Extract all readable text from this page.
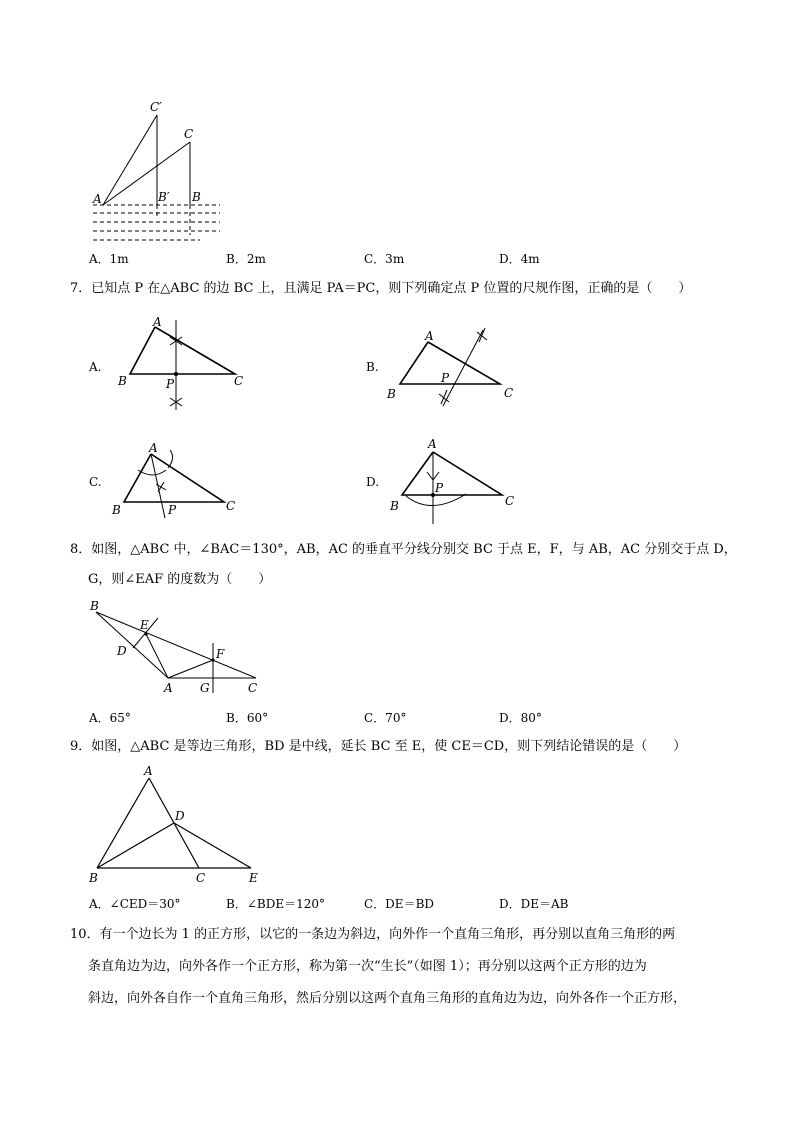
C′
C
A	B′ B
A．1m	B．2m	C．3m	D．4m
7．已知点 P 在△ABC 的边 BC 上，且满足 PA＝PC，则下列确定点 P 位置的尺规作图，正确的是（　　）
A.
A
B	P	C
B.
A
B
P
C
C.
A
B	P	C
D.
A
B
P
C
8．如图，△ABC 中，∠BAC＝130°，AB，AC 的垂直平分线分别交 BC 于点 E，F，与 AB，AC 分别交于点 D，
G，则∠EAF 的度数为（　　）
B
E
D	F
A G	C
A．65°	B．60°	C．70°	D．80°
9．如图，△ABC 是等边三角形，BD 是中线，延长 BC 至 E，使 CE＝CD，则下列结论错误的是（　　）
A
D
B	C	E
A．∠CED＝30°	B．∠BDE＝120°	C．DE＝BD	D．DE＝AB
10．有一个边长为 1 的正方形，以它的一条边为斜边，向外作一个直角三角形，再分别以直角三角形的两
条直角边为边，向外各作一个正方形，称为第一次“生长”（如图 1）；再分别以这两个正方形的边为
斜边，向外各自作一个直角三角形，然后分别以这两个直角三角形的直角边为边，向外各作一个正方形，
